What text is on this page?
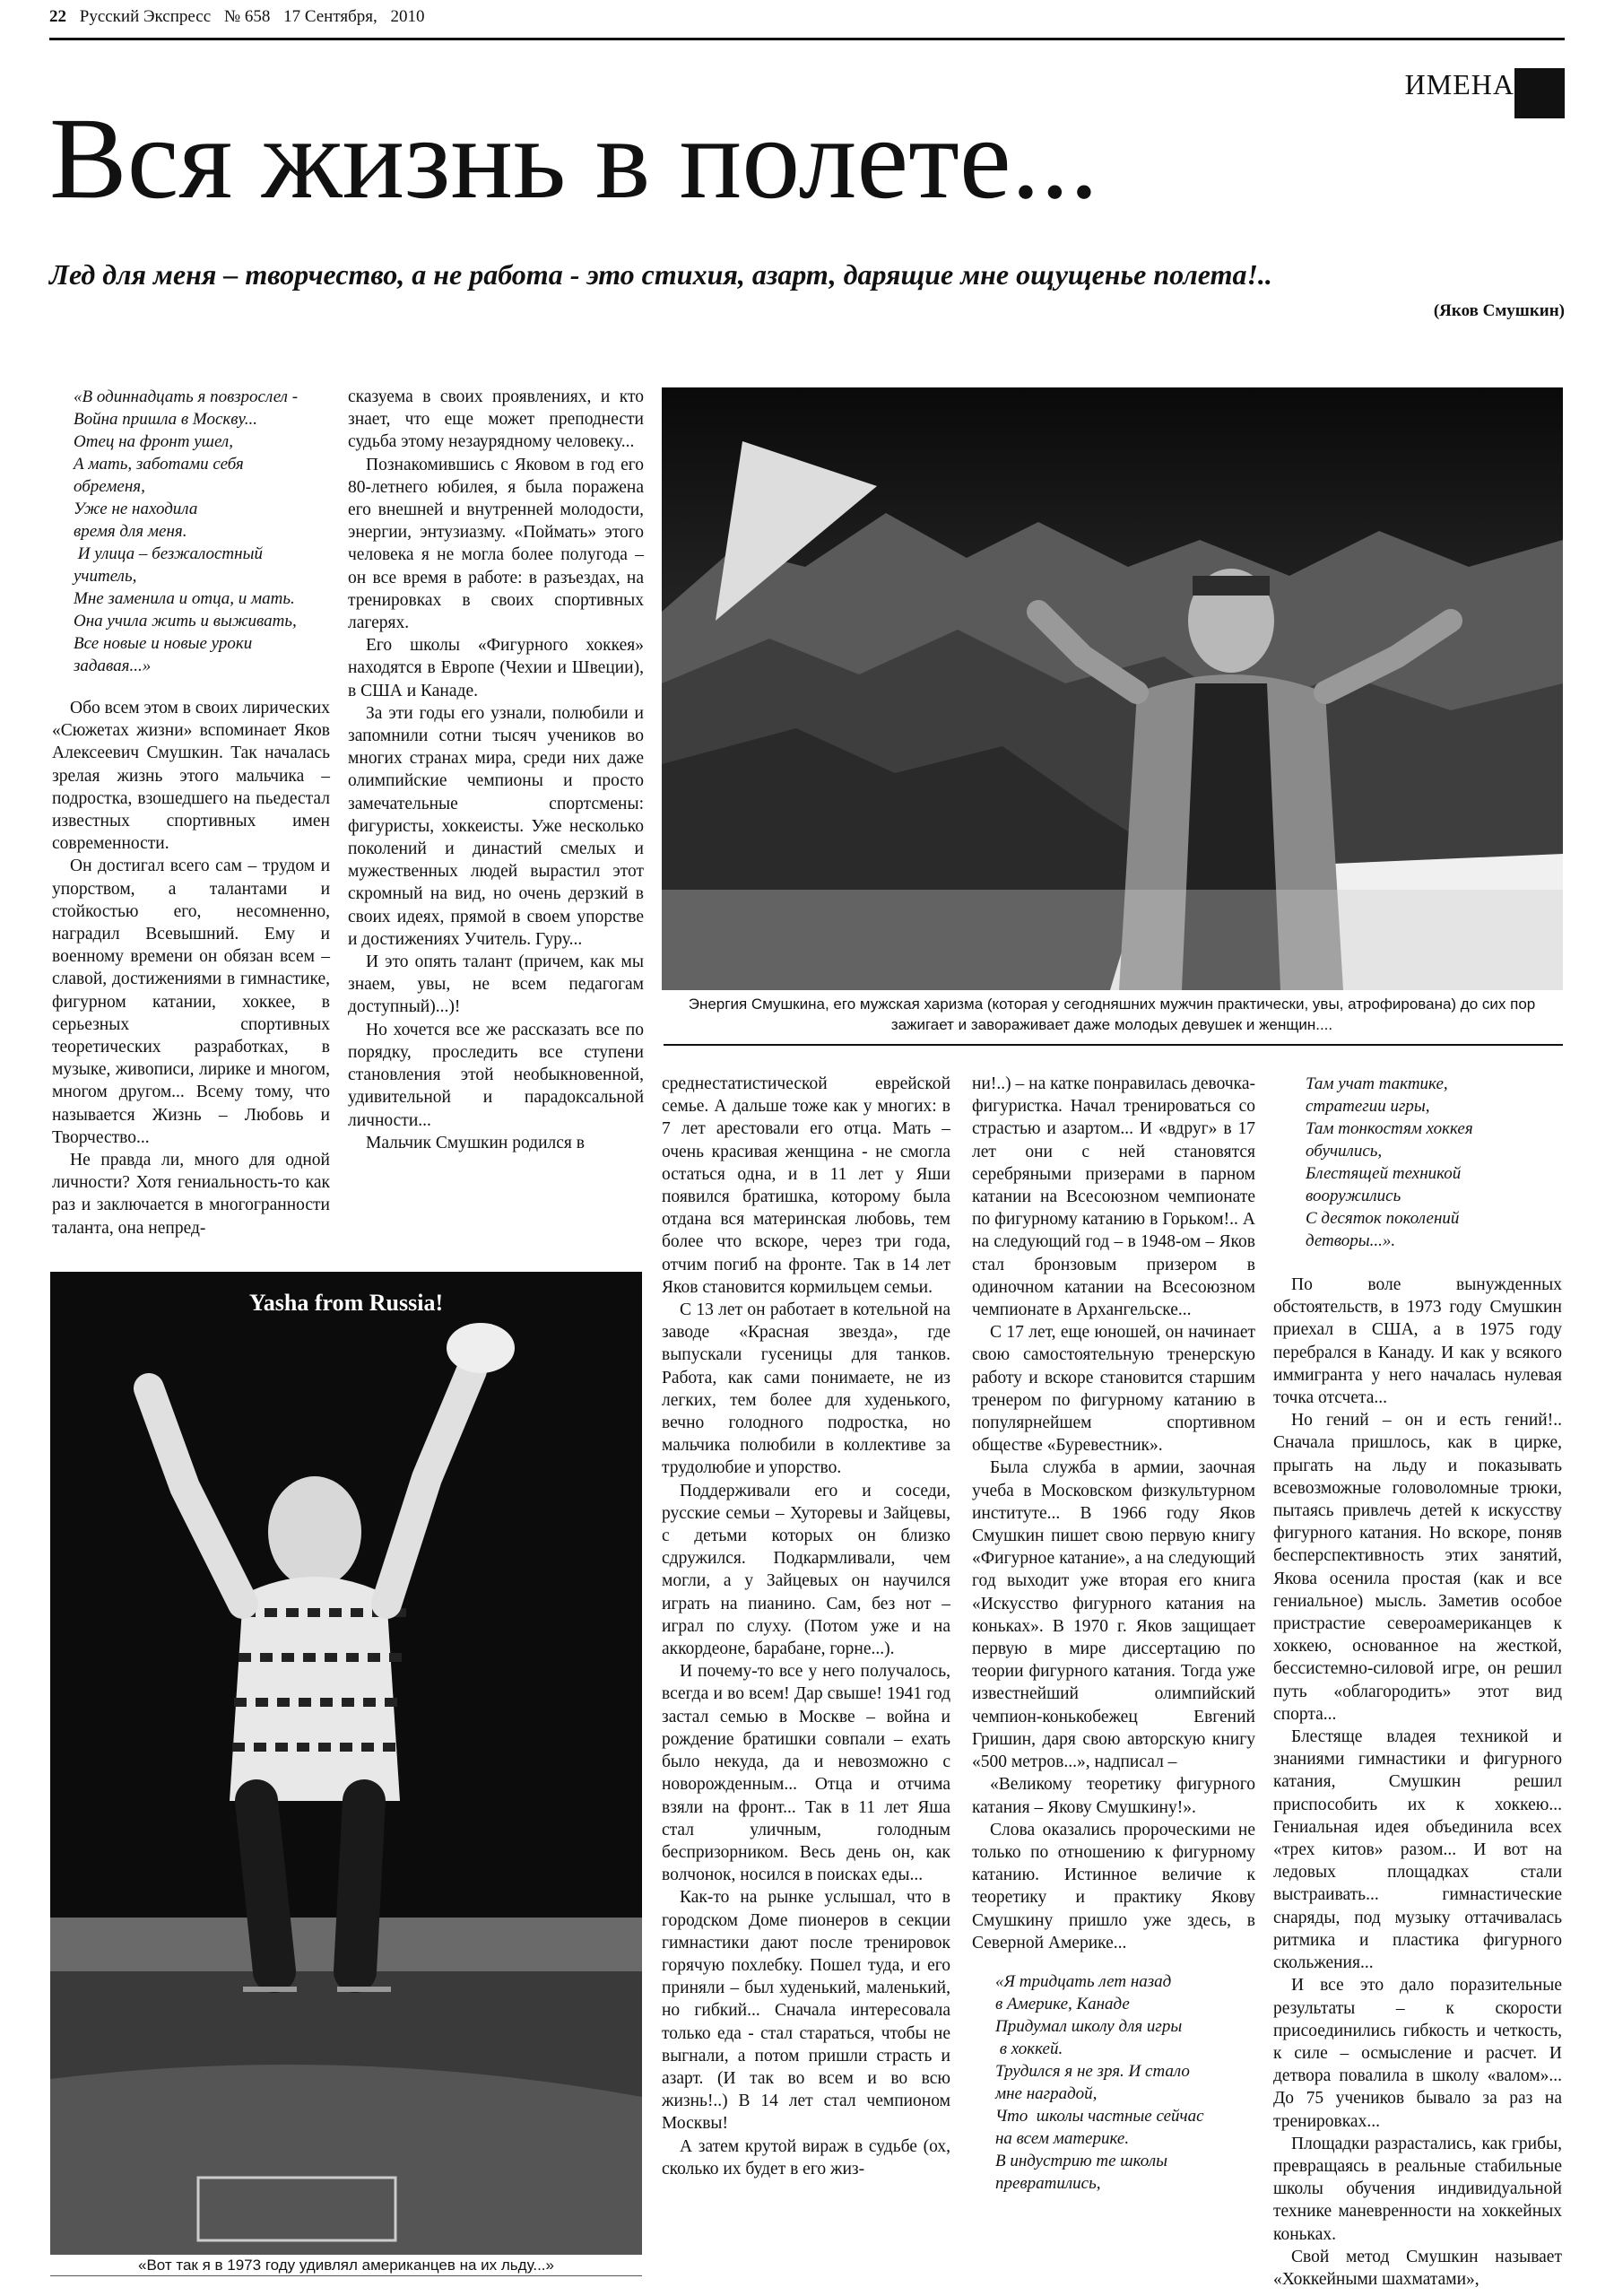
22 Русский Экспресс № 658 17 Сентября, 2010
ИМЕНА
Вся жизнь в полете...
Лед для меня – творчество, а не работа - это стихия, азарт, дарящие мне ощущенье полета!..
(Яков Смушкин)
«В одиннадцать я повзрослел -
Война пришла в Москву...
Отец на фронт ушел,
А мать, заботами себя
обременя,
Уже не находила
время для меня.
И улица – безжалостный
учитель,
Мне заменила и отца, и мать.
Она учила жить и выживать,
Все новые и новые уроки
задавая...»

Обо всем этом в своих лирических «Сюжетах жизни» вспоминает Яков Алексеевич Смушкин. Так началась зрелая жизнь этого мальчика – подростка, взошедшего на пьедестал известных спортивных имен современности.

Он достигал всего сам – трудом и упорством, а талантами и стойкостью его, несомненно, наградил Всевышний. Ему и военному времени он обязан всем – славой, достижениями в гимнастике, фигурном катании, хоккее, в серьезных спортивных теоретических разработках, в музыке, живописи, лирике и многом, многом другом... Всему тому, что называется Жизнь – Любовь и Творчество...

Не правда ли, много для одной личности? Хотя гениальность-то как раз и заключается в многогранности таланта, она непред-

сказуема в своих проявлениях, и кто знает, что еще может преподнести судьба этому незаурядному человеку...

Познакомившись с Яковом в год его 80-летнего юбилея, я была поражена его внешней и внутренней молодости, энергии, энтузиазму. «Поймать» этого человека я не могла более полугода – он все время в работе: в разъездах, на тренировках в своих спортивных лагерях.

Его школы «Фигурного хоккея» находятся в Европе (Чехии и Швеции), в США и Канаде.

За эти годы его узнали, полюбили и запомнили сотни тысяч учеников во многих странах мира, среди них даже олимпийские чемпионы и просто замечательные спортсмены: фигуристы, хоккеисты. Уже несколько поколений и династий смелых и мужественных людей вырастил этот скромный на вид, но очень дерзкий в своих идеях, прямой в своем упорстве и достижениях Учитель. Гуру...

И это опять талант (причем, как мы знаем, увы, не всем педагогам доступный)...)!

Но хочется все же рассказать все по порядку, проследить все ступени становления этой необыкновенной, удивительной и парадоксальной личности...

Мальчик Смушкин родился в

Энергия Смушкина, его мужская харизма (которая у сегодняшних мужчин практически, увы, атрофирована) до сих пор зажигает и завораживает даже молодых девушек и женщин....
Yasha from Russia!
«Вот так я в 1973 году удивлял американцев на их льду...»

среднестатистической еврейской семье. А дальше тоже как у многих: в 7 лет арестовали его отца. Мать – очень красивая женщина - не смогла остаться одна, и в 11 лет у Яши появился братишка, которому была отдана вся материнская любовь, тем более что вскоре, через три года, отчим погиб на фронте. Так в 14 лет Яков становится кормильцем семьи.

С 13 лет он работает в котельной на заводе «Красная звезда», где выпускали гусеницы для танков. Работа, как сами понимаете, не из легких, тем более для худенького, вечно голодного подростка, но мальчика полюбили в коллективе за трудолюбие и упорство.

Поддерживали его и соседи, русские семьи – Хуторевы и Зайцевы, с детьми которых он близко сдружился. Подкармливали, чем могли, а у Зайцевых он научился играть на пианино. Сам, без нот – играл по слуху. (Потом уже и на аккордеоне, барабане, горне...).

И почему-то все у него получалось, всегда и во всем! Дар свыше! 1941 год застал семью в Москве – война и рождение братишки совпали – ехать было некуда, да и невозможно с новорожденным... Отца и отчима взяли на фронт... Так в 11 лет Яша стал уличным, голодным беспризорником. Весь день он, как волчонок, носился в поисках еды...

Как-то на рынке услышал, что в городском Доме пионеров в секции гимнастики дают после тренировок горячую похлебку. Пошел туда, и его приняли – был худенький, маленький, но гибкий... Сначала интересовала только еда - стал стараться, чтобы не выгнали, а потом пришли страсть и азарт. (И так во всем и во всю жизнь!..) В 14 лет стал чемпионом Москвы!

А затем крутой вираж в судьбе (ох, сколько их будет в его жиз-

ни!..) – на катке понравилась девочка-фигуристка. Начал тренироваться со страстью и азартом... И «вдруг» в 17 лет они с ней становятся серебряными призерами в парном катании на Всесоюзном чемпионате по фигурному катанию в Горьком!.. А на следующий год – в 1948-ом – Яков стал бронзовым призером в одиночном катании на Всесоюзном чемпионате в Архангельске...

С 17 лет, еще юношей, он начинает свою самостоятельную тренерскую работу и вскоре становится старшим тренером по фигурному катанию в популярнейшем спортивном обществе «Буревестник».

Была служба в армии, заочная учеба в Московском физкультурном институте... В 1966 году Яков Смушкин пишет свою первую книгу «Фигурное катание», а на следующий год выходит уже вторая его книга «Искусство фигурного катания на коньках». В 1970 г. Яков защищает первую в мире диссертацию по теории фигурного катания. Тогда уже известнейший олимпийский чемпион-конькобежец Евгений Гришин, даря свою авторскую книгу «500 метров...», надписал –

«Великому теоретику фигурного катания – Якову Смушкину!».

Слова оказались пророческими не только по отношению к фигурному катанию. Истинное величие к теоретику и практику Якову Смушкину пришло уже здесь, в Северной Америке...

«Я тридцать лет назад
в Америке, Канаде
Придумал школу для игры
в хоккей.
Трудился я не зря. И стало
мне наградой,
Что  школы частные сейчас
на всем материке.
В индустрию те школы
превратились,
Там учат тактике,
стратегии игры,
Там тонкостям хоккея
обучились,
Блестящей техникой
вооружились
С десяток поколений
детворы...».

По воле вынужденных обстоятельств, в 1973 году Смушкин приехал в США, а в 1975 году перебрался в Канаду. И как у всякого иммигранта у него началась нулевая точка отсчета...

Но гений – он и есть гений!.. Сначала пришлось, как в цирке, прыгать на льду и показывать всевозможные головоломные трюки, пытаясь привлечь детей к искусству фигурного катания. Но вскоре, поняв бесперспективность этих занятий, Якова осенила простая (как и все гениальное) мысль. Заметив особое пристрастие североамериканцев к хоккею, основанное на жесткой, бессистемно-силовой игре, он решил путь «облагородить» этот вид спорта...

Блестяще владея техникой и знаниями гимнастики и фигурного катания, Смушкин решил приспособить их к хоккею... Гениальная идея объединила всех «трех китов» разом... И вот на ледовых площадках стали выстраивать... гимнастические снаряды, под музыку оттачивалась ритмика и пластика фигурного скольжения...

И все это дало поразительные результаты – к скорости присоединились гибкость и четкость, к силе – осмысление и расчет. И детвора повалила в школу «валом»... До 75 учеников бывало за раз на тренировках...

Площадки разрастались, как грибы, превращаясь в реальные стабильные школы обучения индивидуальной технике маневренности на хоккейных коньках.

Свой метод Смушкин называет «Хоккейными шахматами»,
